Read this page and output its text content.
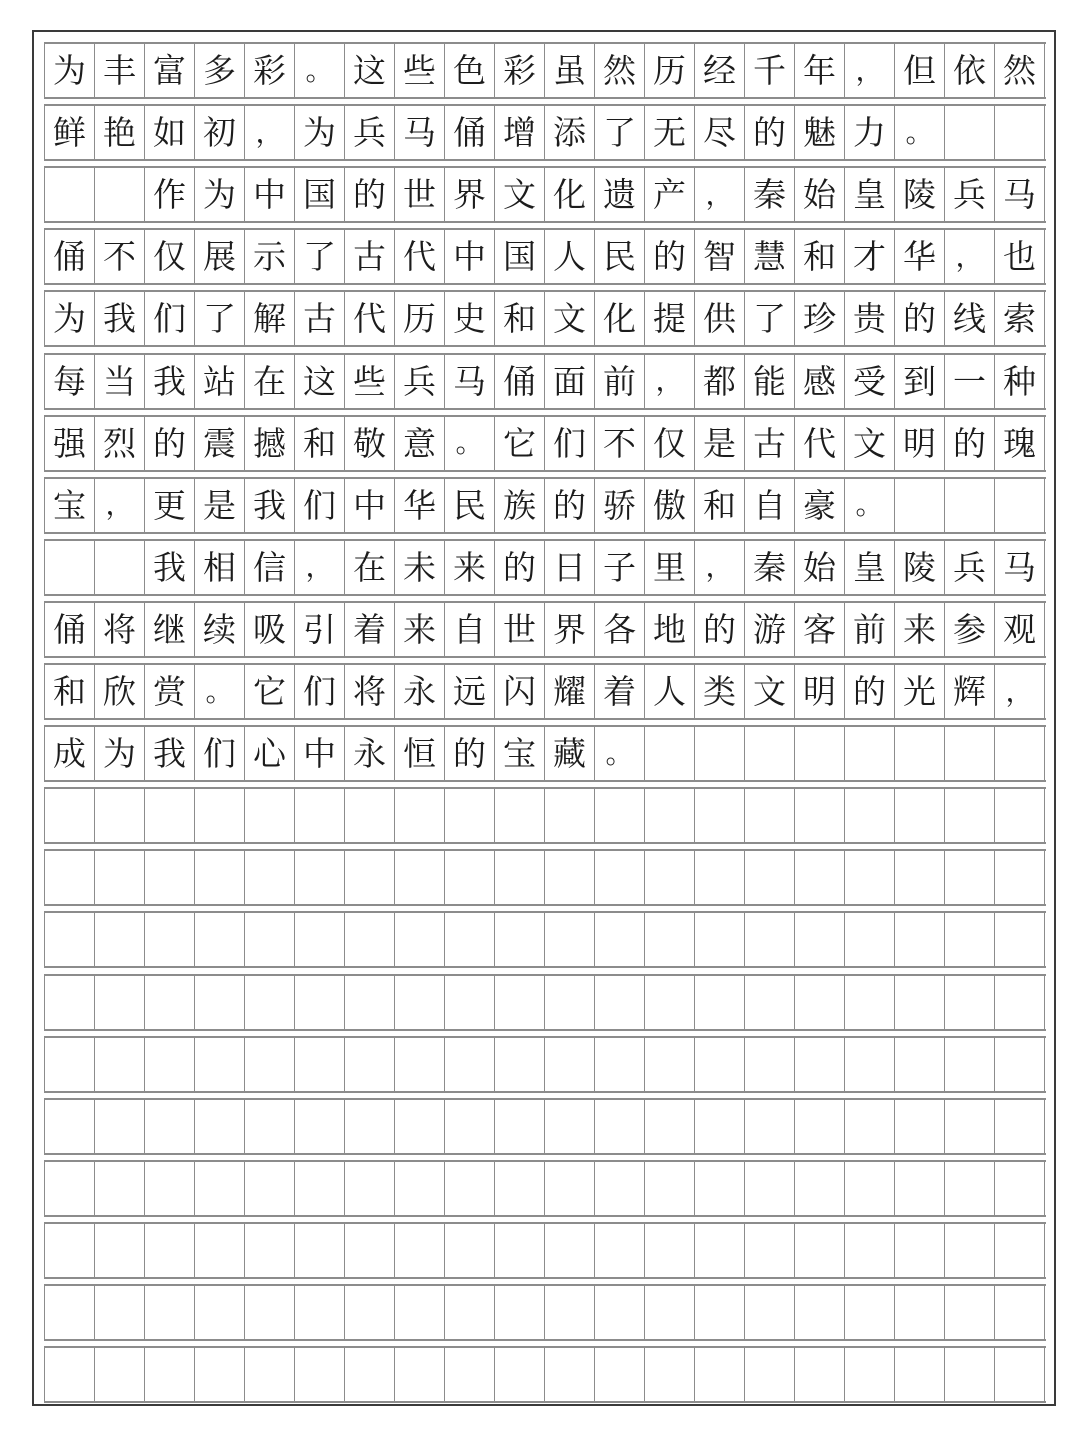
为 丰 富 多 彩 。 这 些 色 彩 虽 然 历 经 千 年 ， 但 依 然
鲜 艳 如 初 ， 为 兵 马 俑 增 添 了 无 尽 的 魅 力 。
作 为 中 国 的 世 界 文 化 遗 产 ， 秦 始 皇 陵 兵 马
俑 不 仅 展 示 了 古 代 中 国 人 民 的 智 慧 和 才 华 ， 也
为 我 们 了 解 古 代 历 史 和 文 化 提 供 了 珍 贵 的 线 索
每 当 我 站 在 这 些 兵 马 俑 面 前 ， 都 能 感 受 到 一 种
强 烈 的 震 撼 和 敬 意 。 它 们 不 仅 是 古 代 文 明 的 瑰
宝 ， 更 是 我 们 中 华 民 族 的 骄 傲 和 自 豪 。
我 相 信 ， 在 未 来 的 日 子 里 ， 秦 始 皇 陵 兵 马
俑 将 继 续 吸 引 着 来 自 世 界 各 地 的 游 客 前 来 参 观
和 欣 赏 。 它 们 将 永 远 闪 耀 着 人 类 文 明 的 光 辉 ，
成 为 我 们 心 中 永 恒 的 宝 藏 。
